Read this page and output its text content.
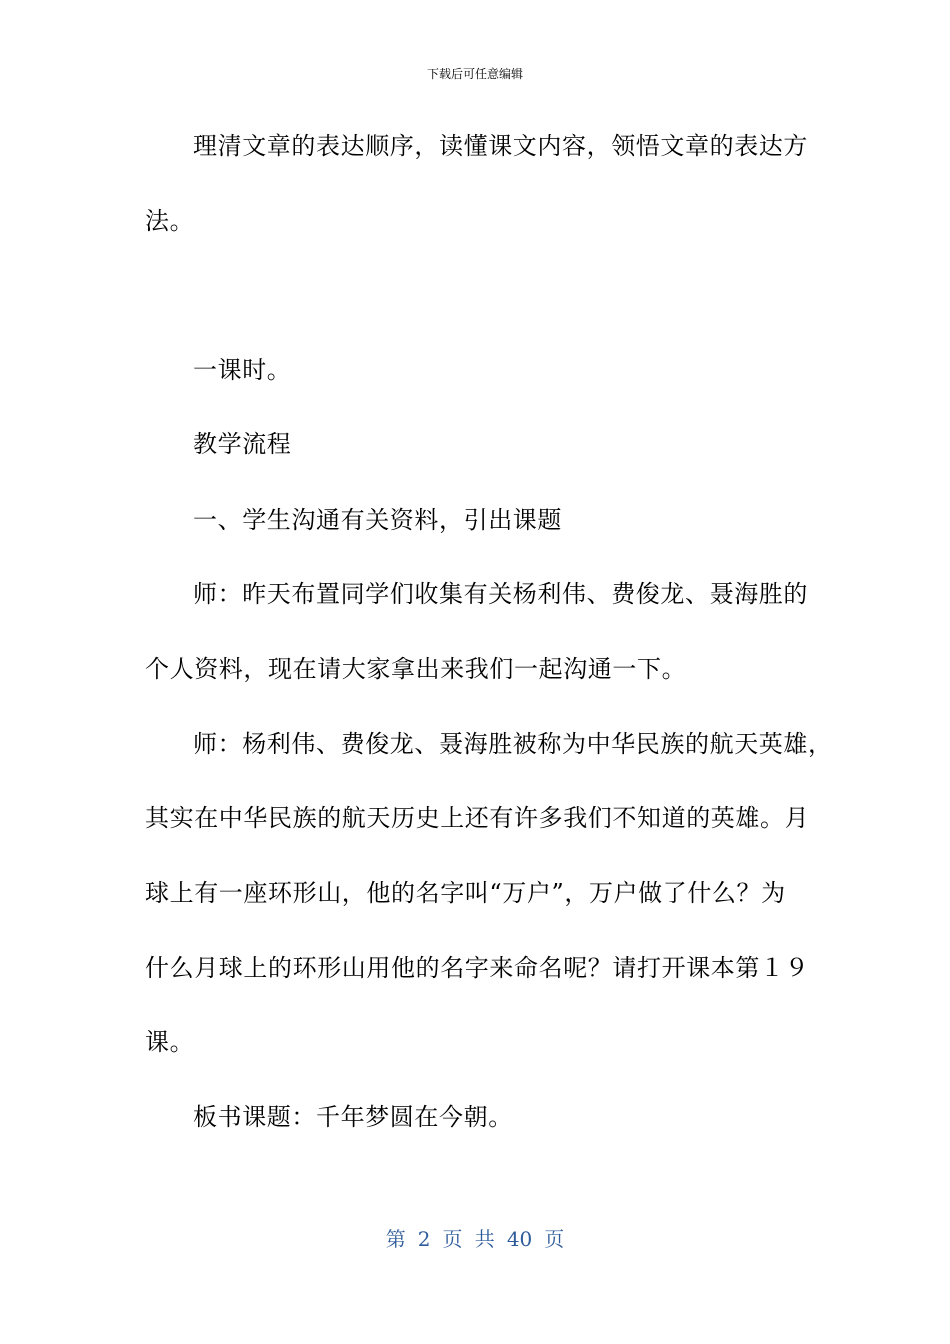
下载后可任意编辑
理清文章的表达顺序，读懂课文内容，领悟文章的表达方
法。
一课时。
教学流程
一、学生沟通有关资料，引出课题
师：昨天布置同学们收集有关杨利伟、费俊龙、聂海胜的
个人资料，现在请大家拿出来我们一起沟通一下。
师：杨利伟、费俊龙、聂海胜被称为中华民族的航天英雄，
其实在中华民族的航天历史上还有许多我们不知道的英雄。月
球上有一座环形山，他的名字叫“万户”，万户做了什么？为
什么月球上的环形山用他的名字来命名呢？请打开课本第１９
课。
板书课题：千年梦圆在今朝。
第 2 页 共 40 页
